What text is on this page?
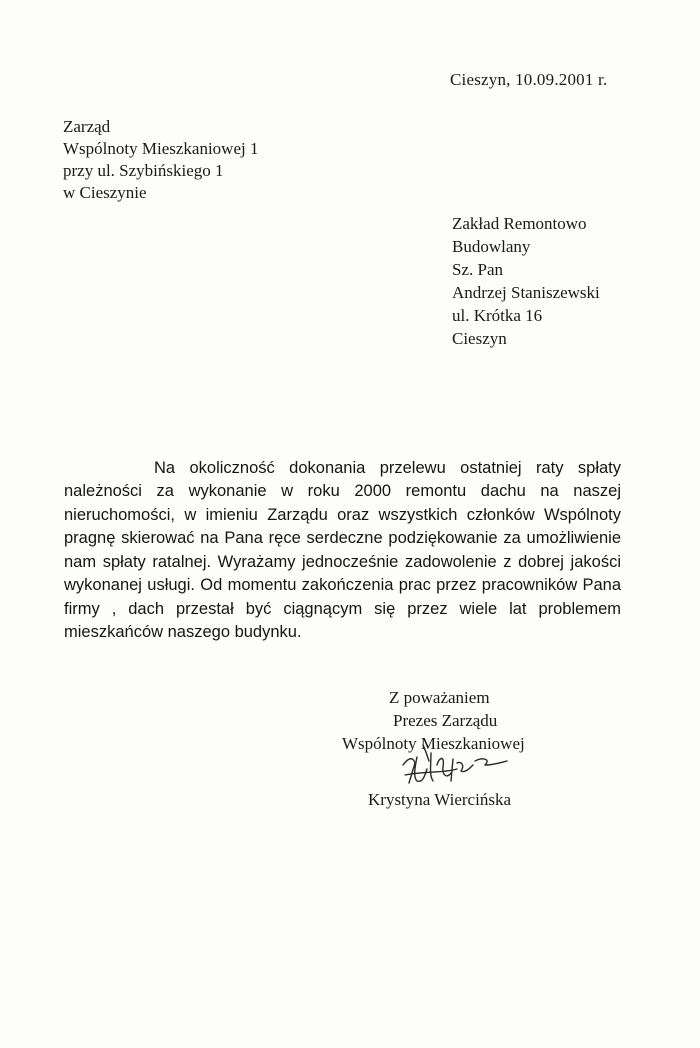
Cieszyn, 10.09.2001 r.
Zarząd
Wspólnoty Mieszkaniowej 1
przy ul. Szybińskiego 1
w Cieszynie
Zakład Remontowo
Budowlany
Sz. Pan
Andrzej Staniszewski
ul. Krótka 16
Cieszyn

Na okoliczność dokonania przelewu ostatniej raty spłaty należności za wykonanie w roku 2000 remontu dachu na naszej nieruchomości, w imieniu Zarządu oraz wszystkich członków Wspólnoty pragnę skierować na Pana ręce serdeczne podziękowanie za umożliwienie nam spłaty ratalnej. Wyrażamy jednocześnie zadowolenie z dobrej jakości wykonanej usługi. Od momentu zakończenia prac przez pracowników Pana firmy , dach przestał być ciągnącym się przez wiele lat problemem mieszkańców naszego budynku.

Z poważaniem
Prezes Zarządu
Wspólnoty Mieszkaniowej
Krystyna Wiercińska
